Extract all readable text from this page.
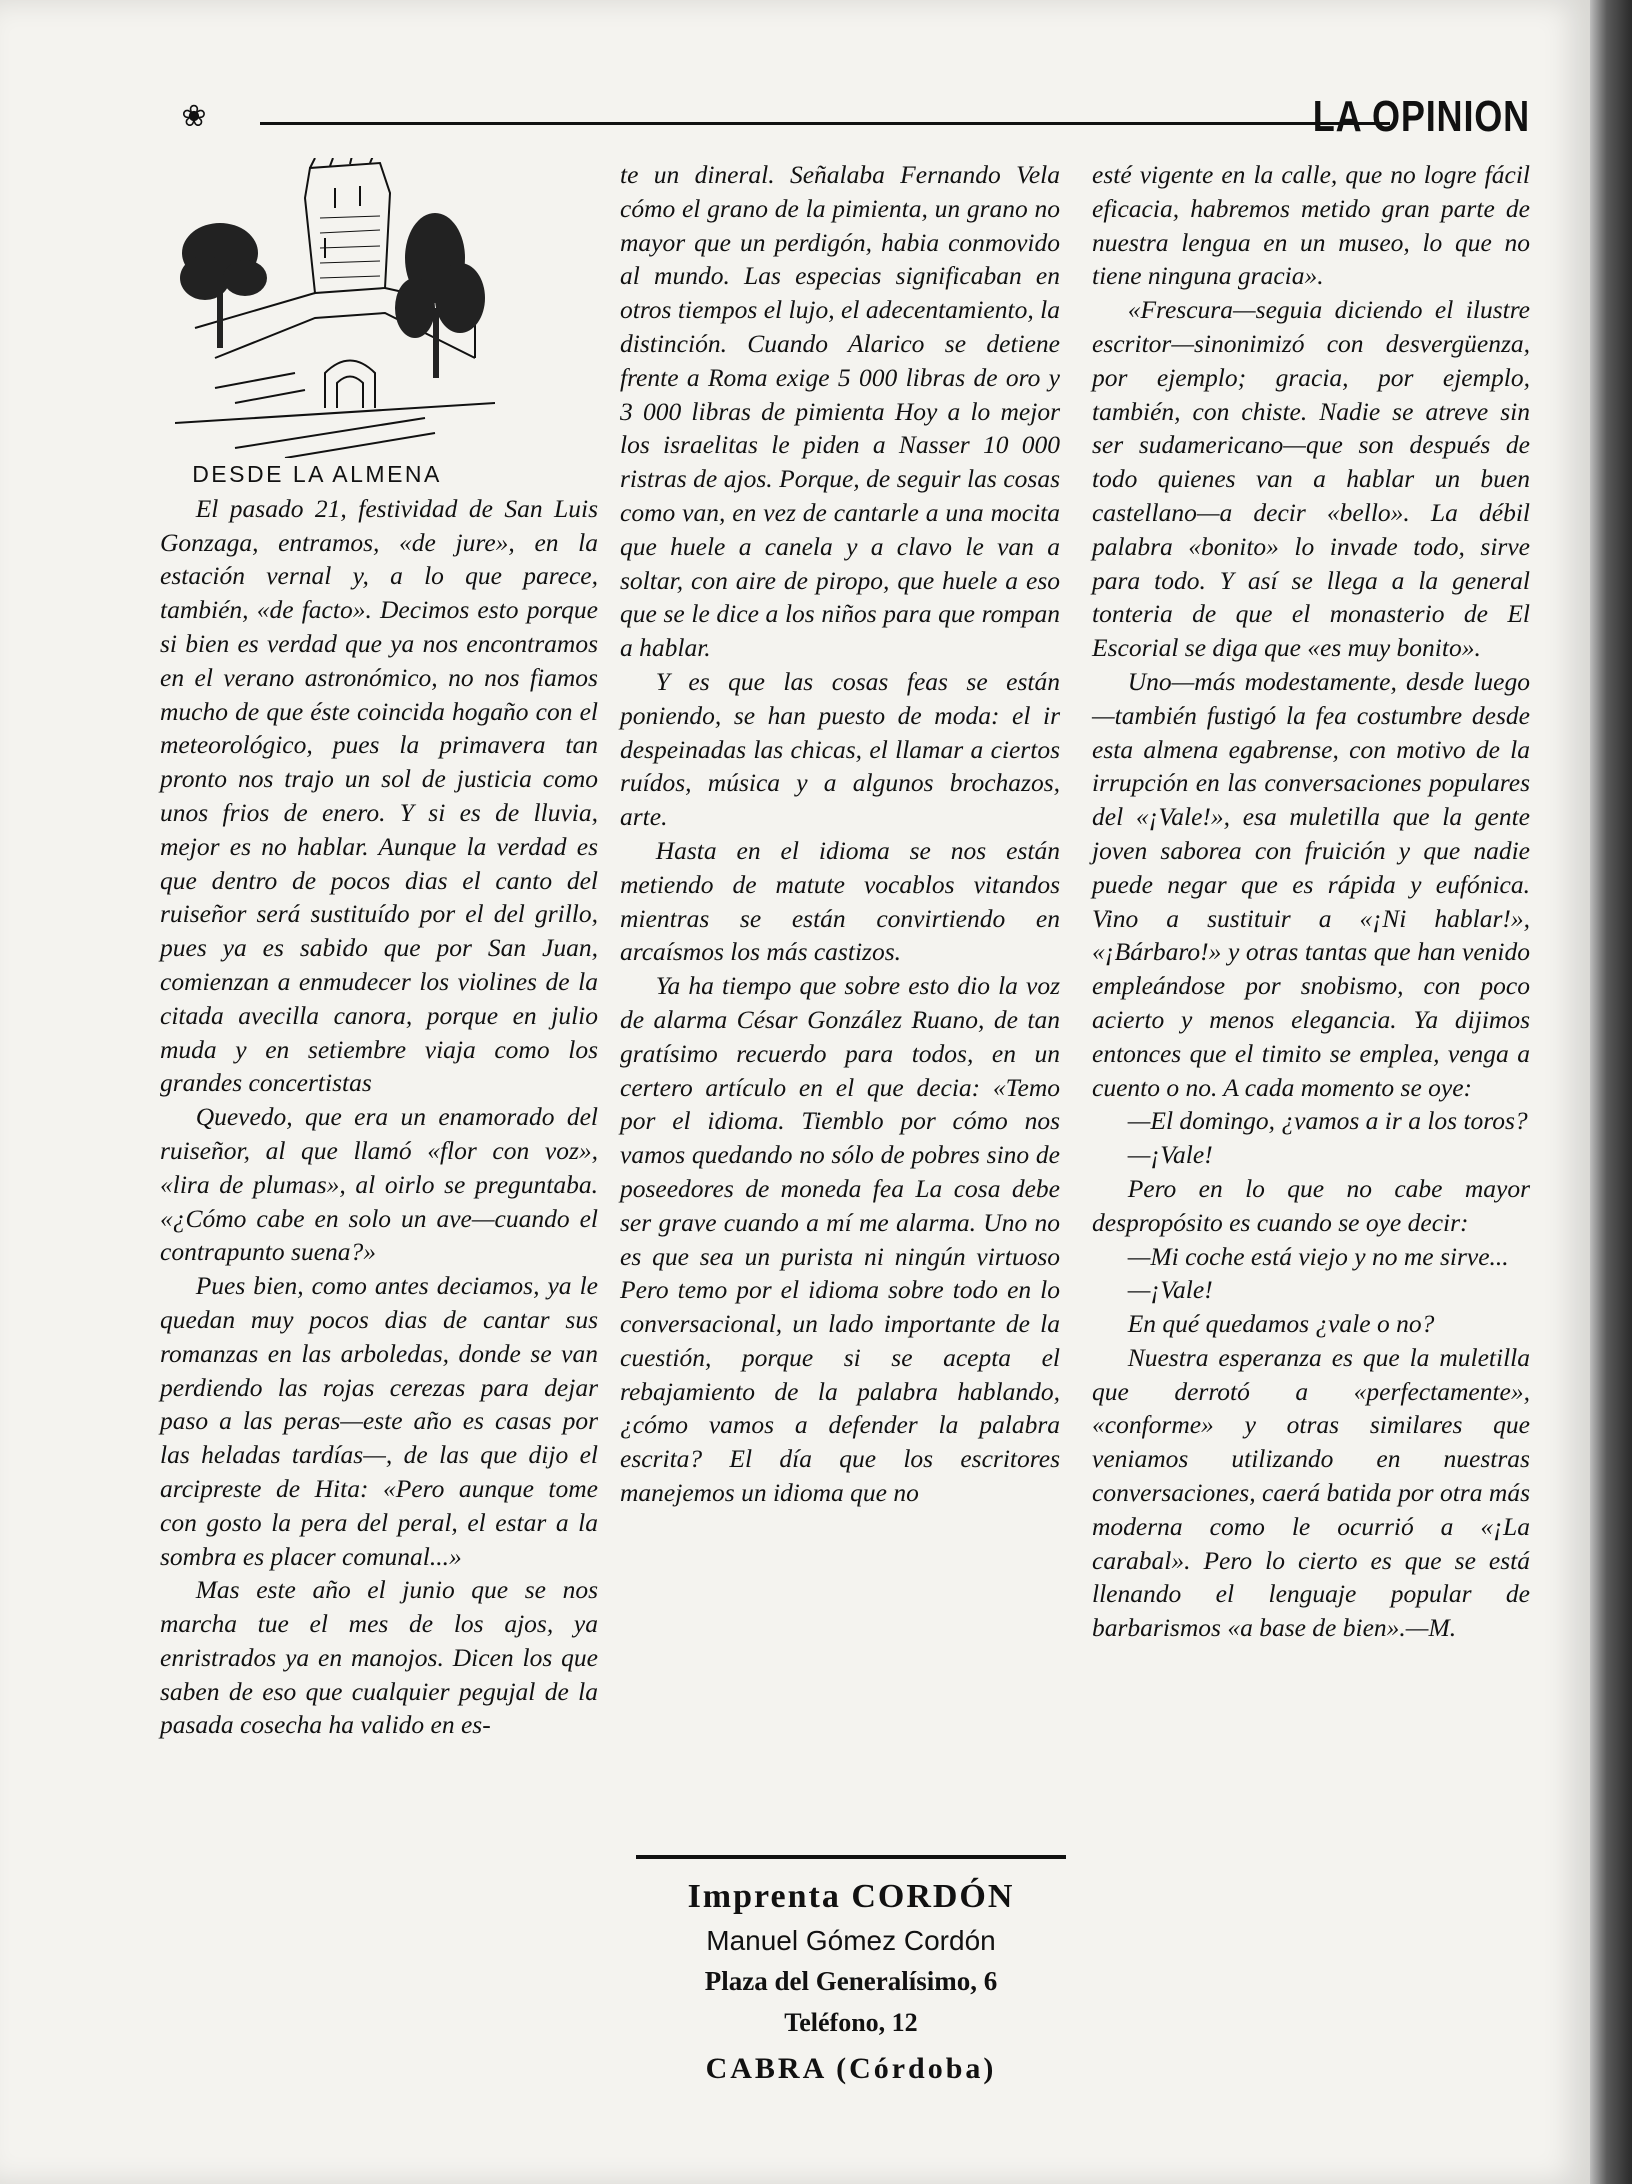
❀	LA OPINION

DESDE LA ALMENA

El pasado 21, festividad de San Luis Gonzaga, entramos, «de jure», en la estación vernal y, a lo que parece, también, «de facto». Decimos esto porque si bien es verdad que ya nos encontramos en el verano astronómico, no nos fiamos mucho de que éste coincida hogaño con el meteorológico, pues la primavera tan pronto nos trajo un sol de justicia como unos frios de enero. Y si es de lluvia, mejor es no hablar. Aunque la verdad es que dentro de pocos dias el canto del ruiseñor será sustituído por el del grillo, pues ya es sabido que por San Juan, comienzan a enmudecer los violines de la citada avecilla canora, porque en julio muda y en setiembre viaja como los grandes concertistas

Quevedo, que era un enamorado del ruiseñor, al que llamó «flor con voz», «lira de plumas», al oirlo se preguntaba. «¿Cómo cabe en solo un ave—cuando el contrapunto suena?»

Pues bien, como antes deciamos, ya le quedan muy pocos dias de cantar sus romanzas en las arboledas, donde se van perdiendo las rojas cerezas para dejar paso a las peras—este año es casas por las heladas tardías—, de las que dijo el arcipreste de Hita: «Pero aunque tome con gosto la pera del peral, el estar a la sombra es placer comunal...»

Mas este año el junio que se nos marcha tue el mes de los ajos, ya enristrados ya en manojos. Dicen los que saben de eso que cualquier pegujal de la pasada cosecha ha valido en es-

te un dineral. Señalaba Fernando Vela cómo el grano de la pimienta, un grano no mayor que un perdigón, habia conmovido al mundo. Las especias significaban en otros tiempos el lujo, el adecentamiento, la distinción. Cuando Alarico se detiene frente a Roma exige 5 000 libras de oro y 3 000 libras de pimienta Hoy a lo mejor los israelitas le piden a Nasser 10 000 ristras de ajos. Porque, de seguir las cosas como van, en vez de cantarle a una mocita que huele a canela y a clavo le van a soltar, con aire de piropo, que huele a eso que se le dice a los niños para que rompan a hablar.

Y es que las cosas feas se están poniendo, se han puesto de moda: el ir despeinadas las chicas, el llamar a ciertos ruídos, música y a algunos brochazos, arte.

Hasta en el idioma se nos están metiendo de matute vocablos vitandos mientras se están convirtiendo en arcaísmos los más castizos.

Ya ha tiempo que sobre esto dio la voz de alarma César González Ruano, de tan gratísimo recuerdo para todos, en un certero artículo en el que decia: «Temo por el idioma. Tiemblo por cómo nos vamos quedando no sólo de pobres sino de poseedores de moneda fea La cosa debe ser grave cuando a mí me alarma. Uno no es que sea un purista ni ningún virtuoso Pero temo por el idioma sobre todo en lo conversacional, un lado importante de la cuestión, porque si se acepta el rebajamiento de la palabra hablando, ¿cómo vamos a defender la palabra escrita? El día que los escritores manejemos un idioma que no

esté vigente en la calle, que no logre fácil eficacia, habremos metido gran parte de nuestra lengua en un museo, lo que no tiene ninguna gracia».

«Frescura—seguia diciendo el ilustre escritor—sinonimizó con desvergüenza, por ejemplo; gracia, por ejemplo, también, con chiste. Nadie se atreve sin ser sudamericano—que son después de todo quienes van a hablar un buen castellano—a decir «bello». La débil palabra «bonito» lo invade todo, sirve para todo. Y así se llega a la general tonteria de que el monasterio de El Escorial se diga que «es muy bonito».

Uno—más modestamente, desde luego—también fustigó la fea costumbre desde esta almena egabrense, con motivo de la irrupción en las conversaciones populares del «¡Vale!», esa muletilla que la gente joven saborea con fruición y que nadie puede negar que es rápida y eufónica. Vino a sustituir a «¡Ni hablar!», «¡Bárbaro!» y otras tantas que han venido empleándose por snobismo, con poco acierto y menos elegancia. Ya dijimos entonces que el timito se emplea, venga a cuento o no. A cada momento se oye:

—El domingo, ¿vamos a ir a los toros?

—¡Vale!

Pero en lo que no cabe mayor despropósito es cuando se oye decir:

—Mi coche está viejo y no me sirve...

—¡Vale!

En qué quedamos ¿vale o no?

Nuestra esperanza es que la muletilla que derrotó a «perfectamente», «conforme» y otras similares que veniamos utilizando en nuestras conversaciones, caerá batida por otra más moderna como le ocurrió a «¡La carabal». Pero lo cierto es que se está llenando el lenguaje popular de barbarismos «a base de bien».—M.

Imprenta CORDÓN
Manuel Gómez Cordón
Plaza del Generalísimo, 6
Teléfono, 12
CABRA (Córdoba)
